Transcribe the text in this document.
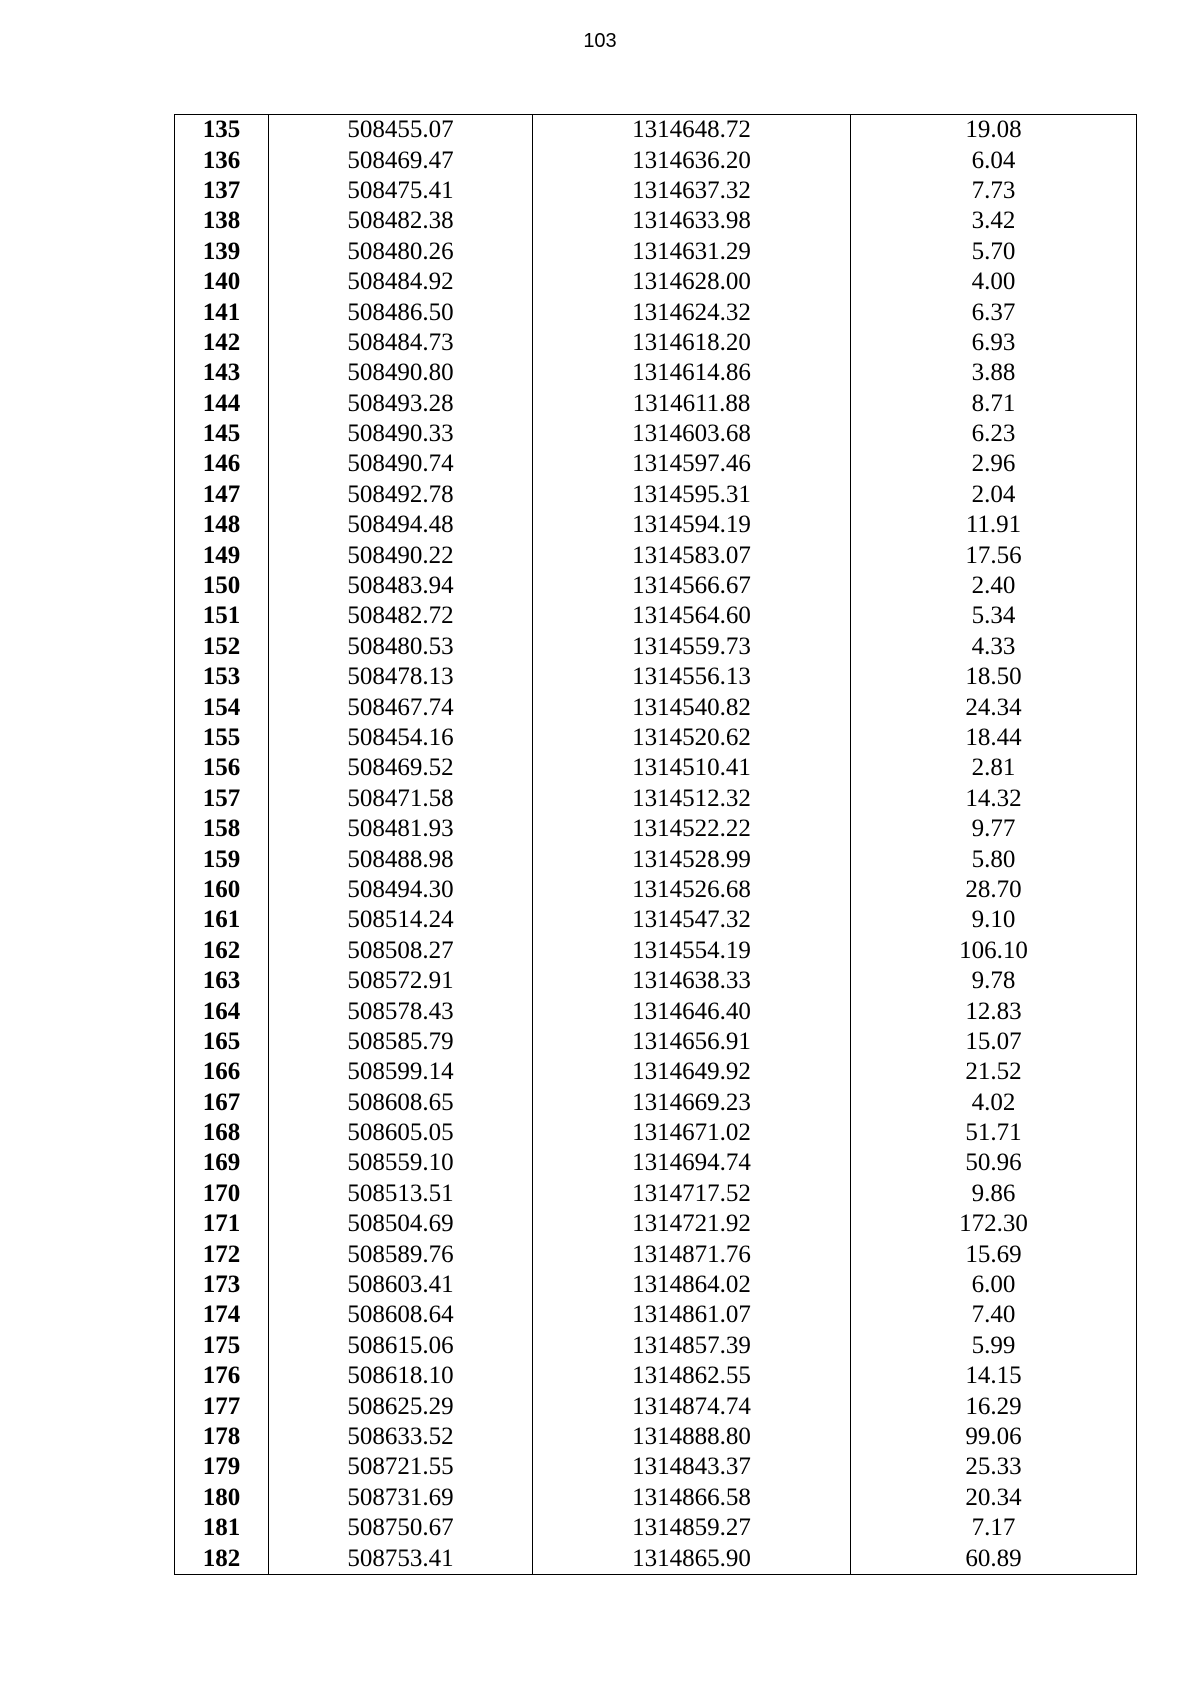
103
135	508455.07	1314648.72	19.08
136	508469.47	1314636.20	6.04
137	508475.41	1314637.32	7.73
138	508482.38	1314633.98	3.42
139	508480.26	1314631.29	5.70
140	508484.92	1314628.00	4.00
141	508486.50	1314624.32	6.37
142	508484.73	1314618.20	6.93
143	508490.80	1314614.86	3.88
144	508493.28	1314611.88	8.71
145	508490.33	1314603.68	6.23
146	508490.74	1314597.46	2.96
147	508492.78	1314595.31	2.04
148	508494.48	1314594.19	11.91
149	508490.22	1314583.07	17.56
150	508483.94	1314566.67	2.40
151	508482.72	1314564.60	5.34
152	508480.53	1314559.73	4.33
153	508478.13	1314556.13	18.50
154	508467.74	1314540.82	24.34
155	508454.16	1314520.62	18.44
156	508469.52	1314510.41	2.81
157	508471.58	1314512.32	14.32
158	508481.93	1314522.22	9.77
159	508488.98	1314528.99	5.80
160	508494.30	1314526.68	28.70
161	508514.24	1314547.32	9.10
162	508508.27	1314554.19	106.10
163	508572.91	1314638.33	9.78
164	508578.43	1314646.40	12.83
165	508585.79	1314656.91	15.07
166	508599.14	1314649.92	21.52
167	508608.65	1314669.23	4.02
168	508605.05	1314671.02	51.71
169	508559.10	1314694.74	50.96
170	508513.51	1314717.52	9.86
171	508504.69	1314721.92	172.30
172	508589.76	1314871.76	15.69
173	508603.41	1314864.02	6.00
174	508608.64	1314861.07	7.40
175	508615.06	1314857.39	5.99
176	508618.10	1314862.55	14.15
177	508625.29	1314874.74	16.29
178	508633.52	1314888.80	99.06
179	508721.55	1314843.37	25.33
180	508731.69	1314866.58	20.34
181	508750.67	1314859.27	7.17
182	508753.41	1314865.90	60.89
